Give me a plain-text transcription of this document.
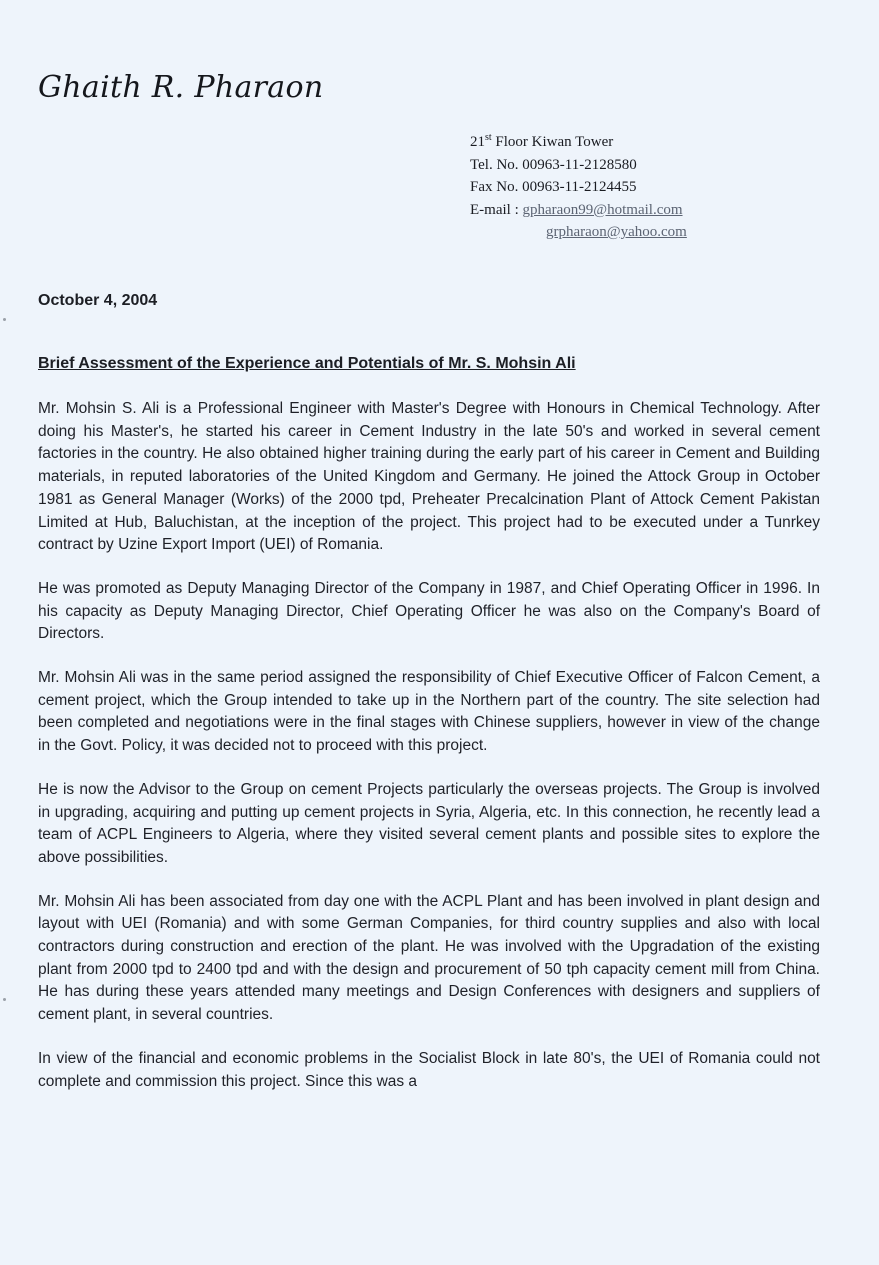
Ghaith R. Pharaon
21st Floor Kiwan Tower
Tel. No. 00963-11-2128580
Fax No. 00963-11-2124455
E-mail : gpharaon99@hotmail.com
grpharaon@yahoo.com

October 4, 2004

Brief Assessment of the Experience and Potentials of Mr. S. Mohsin Ali

Mr. Mohsin S. Ali is a Professional Engineer with Master's Degree with Honours in Chemical Technology. After doing his Master's, he started his career in Cement Industry in the late 50's and worked in several cement factories in the country. He also obtained higher training during the early part of his career in Cement and Building materials, in reputed laboratories of the United Kingdom and Germany. He joined the Attock Group in October 1981 as General Manager (Works) of the 2000 tpd, Preheater Precalcination Plant of Attock Cement Pakistan Limited at Hub, Baluchistan, at the inception of the project. This project had to be executed under a Tunrkey contract by Uzine Export Import (UEI) of Romania.

He was promoted as Deputy Managing Director of the Company in 1987, and Chief Operating Officer in 1996. In his capacity as Deputy Managing Director, Chief Operating Officer he was also on the Company's Board of Directors.

Mr. Mohsin Ali was in the same period assigned the responsibility of Chief Executive Officer of Falcon Cement, a cement project, which the Group intended to take up in the Northern part of the country. The site selection had been completed and negotiations were in the final stages with Chinese suppliers, however in view of the change in the Govt. Policy, it was decided not to proceed with this project.

He is now the Advisor to the Group on cement Projects particularly the overseas projects. The Group is involved in upgrading, acquiring and putting up cement projects in Syria, Algeria, etc. In this connection, he recently lead a team of ACPL Engineers to Algeria, where they visited several cement plants and possible sites to explore the above possibilities.

Mr. Mohsin Ali has been associated from day one with the ACPL Plant and has been involved in plant design and layout with UEI (Romania) and with some German Companies, for third country supplies and also with local contractors during construction and erection of the plant. He was involved with the Upgradation of the existing plant from 2000 tpd to 2400 tpd and with the design and procurement of 50 tph capacity cement mill from China. He has during these years attended many meetings and Design Conferences with designers and suppliers of cement plant, in several countries.

In view of the financial and economic problems in the Socialist Block in late 80's, the UEI of Romania could not complete and commission this project. Since this was a
